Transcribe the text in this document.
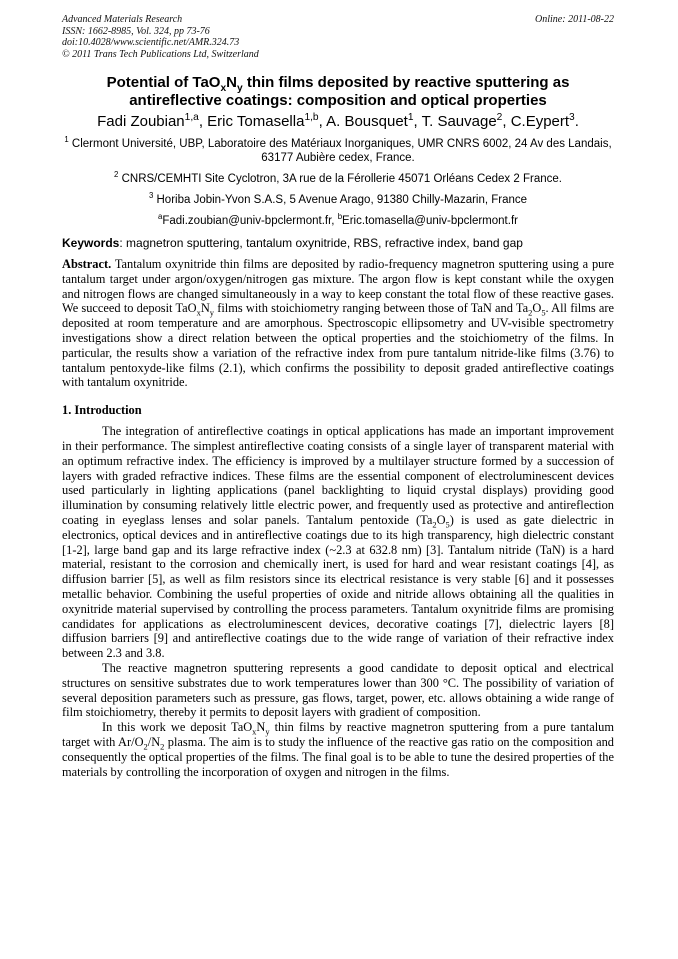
Advanced Materials Research	Online: 2011-08-22
ISSN: 1662-8985, Vol. 324, pp 73-76
doi:10.4028/www.scientific.net/AMR.324.73
© 2011 Trans Tech Publications Ltd, Switzerland
Potential of $TaO_xN_y$ thin films deposited by reactive sputtering as
antireflective coatings: composition and optical properties
Fadi Zoubian$^{1,a}$, Eric Tomasella$^{1,b}$, A. Bousquet$^1$, T. Sauvage$^2$, C.Eypert$^3$.

$^1$ Clermont Université, UBP, Laboratoire des Matériaux Inorganiques, UMR CNRS 6002, 24 Av des Landais, 63177 Aubière cedex, France.

$^2$ CNRS/CEMHTI Site Cyclotron, 3A rue de la Férollerie 45071 Orléans Cedex 2 France.

$^3$ Horiba Jobin-Yvon S.A.S, 5 Avenue Arago, 91380 Chilly-Mazarin, France

$^a$Fadi.zoubian@univ-bpclermont.fr, $^b$Eric.tomasella@univ-bpclermont.fr

Keywords: magnetron sputtering, tantalum oxynitride, RBS, refractive index, band gap

Abstract. Tantalum oxynitride thin films are deposited by radio-frequency magnetron sputtering using a pure tantalum target under argon/oxygen/nitrogen gas mixture. The argon flow is kept constant while the oxygen and nitrogen flows are changed simultaneously in a way to keep constant the total flow of these reactive gases. We succeed to deposit $TaO_xN_y$ films with stoichiometry ranging between those of TaN and $Ta_2O_5$. All films are deposited at room temperature and are amorphous. Spectroscopic ellipsometry and UV-visible spectrometry investigations show a direct relation between the optical properties and the stoichiometry of the films. In particular, the results show a variation of the refractive index from pure tantalum nitride-like films (3.76) to tantalum pentoxyde-like films (2.1), which confirms the possibility to deposit graded antireflective coatings with tantalum oxynitride.

1. Introduction

The integration of antireflective coatings in optical applications has made an important improvement in their performance. The simplest antireflective coating consists of a single layer of transparent material with an optimum refractive index. The efficiency is improved by a multilayer structure formed by a succession of layers with graded refractive indices. These films are the essential component of electroluminescent devices used particularly in lighting applications (panel backlighting to liquid crystal displays) providing good illumination by consuming relatively little electric power, and frequently used as protective and antireflection coating in eyeglass lenses and solar panels. Tantalum pentoxide $(Ta_2O_5)$ is used as gate dielectric in electronics, optical devices and in antireflective coatings due to its high transparency, high dielectric constant [1-2], large band gap and its large refractive index (~2.3 at 632.8 nm) [3]. Tantalum nitride (TaN) is a hard material, resistant to the corrosion and chemically inert, is used for hard and wear resistant coatings [4], as diffusion barrier [5], as well as film resistors since its electrical resistance is very stable [6] and it possesses metallic behavior. Combining the useful properties of oxide and nitride allows obtaining all the qualities in oxynitride material supervised by controlling the process parameters. Tantalum oxynitride films are promising candidates for applications as electroluminescent devices, decorative coatings [7], dielectric layers [8] diffusion barriers [9] and antireflective coatings due to the wide range of variation of their refractive index between 2.3 and 3.8.

The reactive magnetron sputtering represents a good candidate to deposit optical and electrical structures on sensitive substrates due to work temperatures lower than 300 °C. The possibility of variation of several deposition parameters such as pressure, gas flows, target, power, etc. allows obtaining a wide range of film stoichiometry, thereby it permits to deposit layers with gradient of composition.

In this work we deposit $TaO_xN_y$ thin films by reactive magnetron sputtering from a pure tantalum target with $Ar/O_2/N_2$ plasma. The aim is to study the influence of the reactive gas ratio on the composition and consequently the optical properties of the films. The final goal is to be able to tune the desired properties of the materials by controlling the incorporation of oxygen and nitrogen in the films.
